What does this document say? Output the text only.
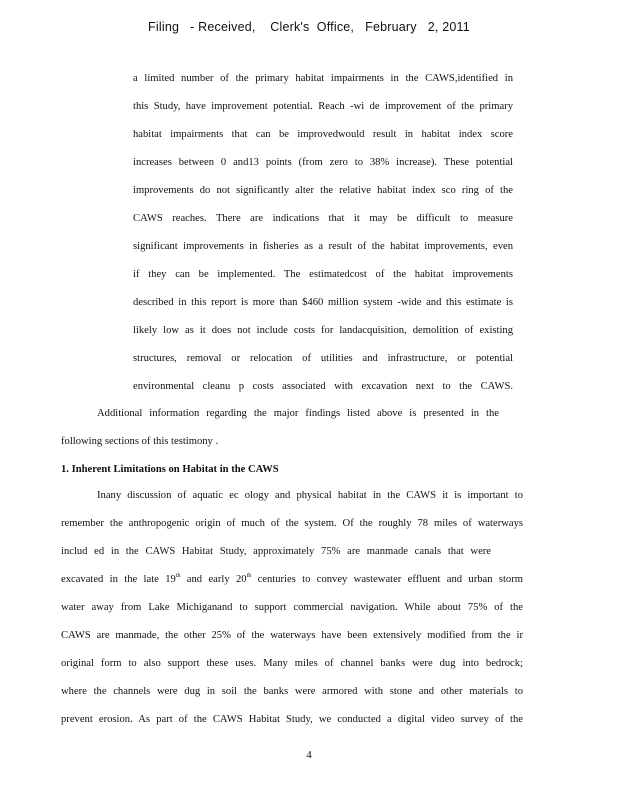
Filing   - Received,    Clerk's  Office,   February   2, 2011
a limited number of the primary habitat impairments in the CAWS,identified in
this Study, have improvement potential. Reach -wi de improvement of the primary
habitat impairments that can be improvedwould result in habitat index score
increases between 0 and13 points (from zero to 38% increase). These potential
improvements do not significantly alter the relative habitat index sco ring of the
CAWS reaches. There are indications that it may be difficult to measure
significant improvements in fisheries as a result of the habitat improvements, even
if they can be implemented. The estimatedcost of the habitat improvements
described in this report is more than $460 million system -wide and this estimate is
likely low as it does not include costs for landacquisition, demolition of existing
structures, removal or relocation of utilities and infrastructure, or potential
environmental cleanu p costs associated with excavation next to the CAWS.
Additional information regarding the major findings listed above is presented in the
following sections of this testimony .
1. Inherent Limitations on Habitat in the CAWS
Inany discussion of aquatic ec ology and physical habitat in the CAWS it is important to
remember the anthropogenic origin of much of the system. Of the roughly 78 miles of waterways
includ ed in the CAWS Habitat Study, approximately 75% are manmade canals that were
excavated in the late 19th and early 20th centuries to convey wastewater effluent and urban storm
water away from Lake Michiganand to support commercial navigation. While about 75% of the
CAWS are manmade, the other 25% of the waterways have been extensively modified from the ir
original form to also support these uses. Many miles of channel banks were dug into bedrock;
where the channels were dug in soil the banks were armored with stone and other materials to
prevent erosion. As part of the CAWS Habitat Study, we conducted a digital video survey of the
4
